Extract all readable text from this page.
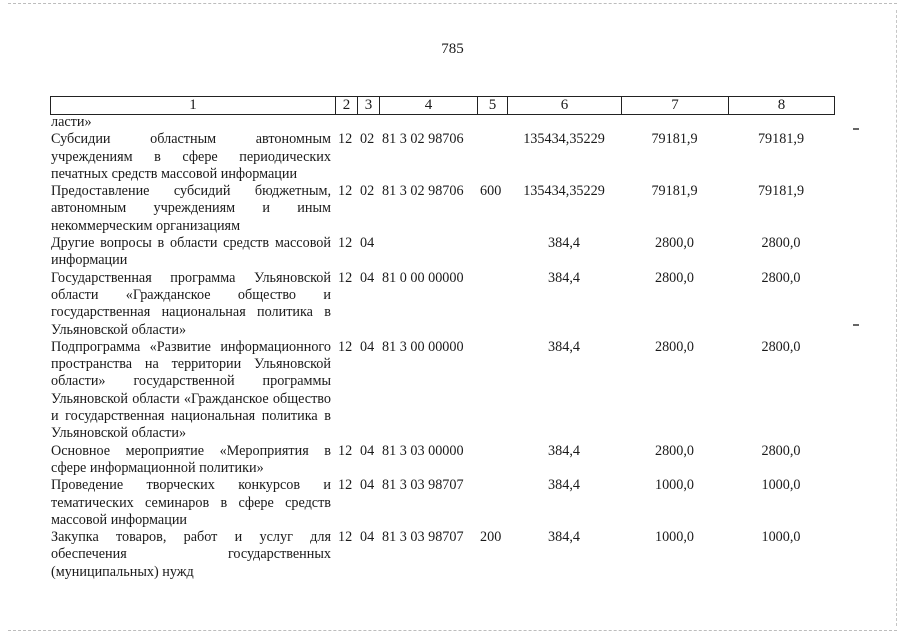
785
1	2	3	4	5	6	7	8
ласти»							
Субсидии областным автономным учреждениям в сфере периодических печатных средств массовой информации	12	02	81 3 02 98706		135434,35229	79181,9	79181,9
Предоставление субсидий бюджетным, автономным учреждениям и иным некоммерческим организациям	12	02	81 3 02 98706	600	135434,35229	79181,9	79181,9
Другие вопросы в области средств массовой информации	12	04			384,4	2800,0	2800,0
Государственная программа Ульяновской области «Гражданское общество и государственная национальная политика в Ульяновской области»	12	04	81 0 00 00000		384,4	2800,0	2800,0
Подпрограмма «Развитие информационного пространства на территории Ульяновской области» государственной программы Ульяновской области «Гражданское общество и государственная национальная политика в Ульяновской области»	12	04	81 3 00 00000		384,4	2800,0	2800,0
Основное мероприятие «Мероприятия в сфере информационной политики»	12	04	81 3 03 00000		384,4	2800,0	2800,0
Проведение творческих конкурсов и тематических семинаров в сфере средств массовой информации	12	04	81 3 03 98707		384,4	1000,0	1000,0
Закупка товаров, работ и услуг для обеспечения государственных (муниципальных) нужд	12	04	81 3 03 98707	200	384,4	1000,0	1000,0
